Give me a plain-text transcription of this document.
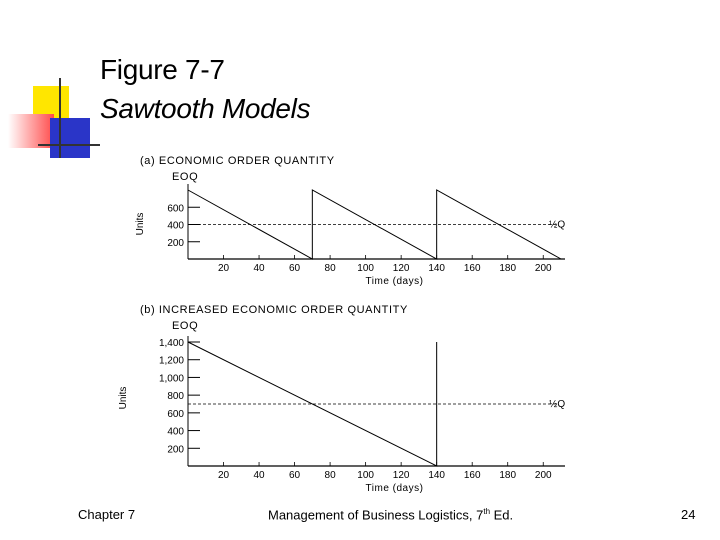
Figure 7-7
Sawtooth Models
(a) ECONOMIC ORDER QUANTITY
EOQ
Units
600
400
200
20 40 60 80 100 120 140 160 180 200
Time (days)
½Q
(b) INCREASED ECONOMIC ORDER QUANTITY
EOQ
Units
1,400
1,200
1,000
800
600
400
200
20 40 60 80 100 120 140 160 180 200
Time (days)
½Q
Chapter 7	Management of Business Logistics, 7th Ed.	24
